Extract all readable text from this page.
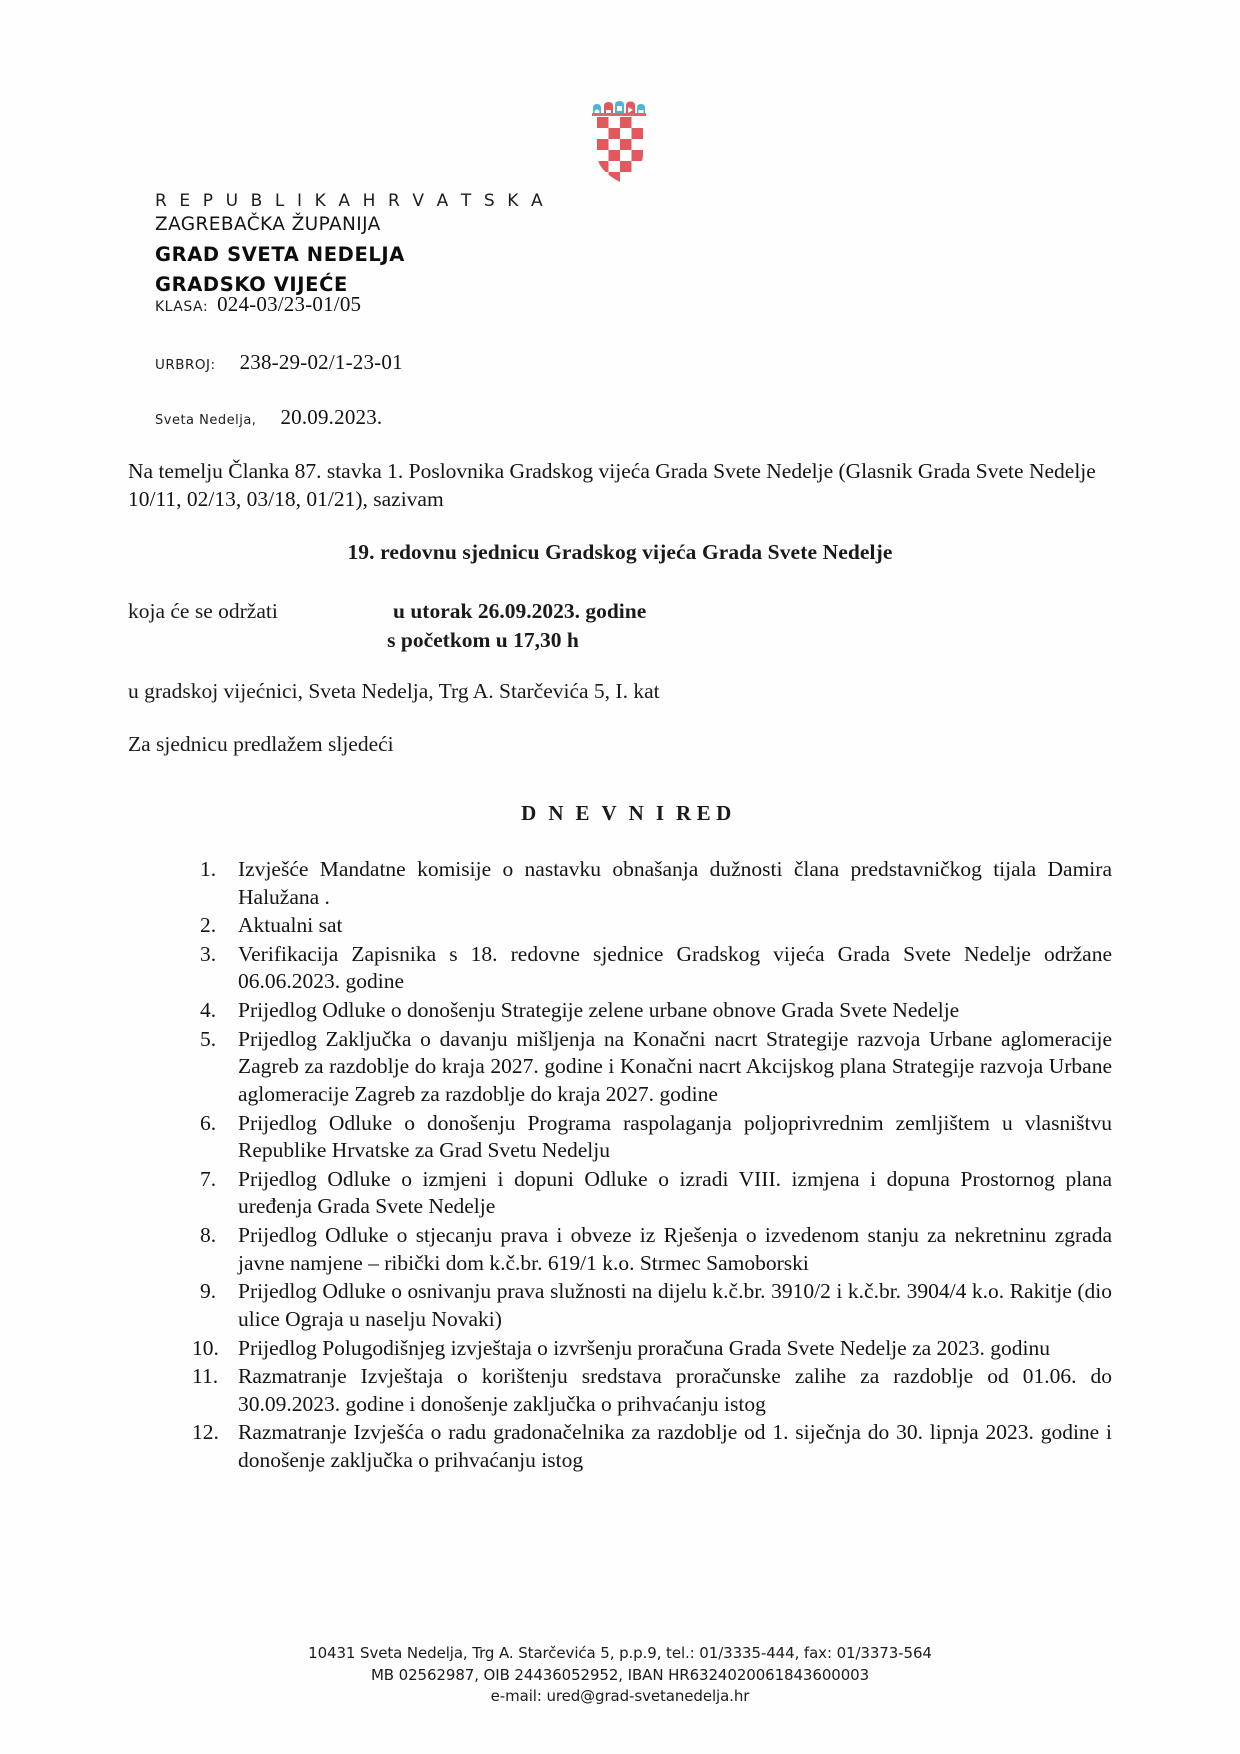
R E P U B L I K A H R V A T S K A
ZAGREBAČKA ŽUPANIJA
GRAD SVETA NEDELJA
GRADSKO VIJEĆE
KLASA: 024-03/23-01/05
URBROJ: 238-29-02/1-23-01
Sveta Nedelja, 20.09.2023.

Na temelju Članka 87. stavka 1. Poslovnika Gradskog vijeća Grada Svete Nedelje (Glasnik Grada Svete Nedelje 10/11, 02/13, 03/18, 01/21), sazivam

19. redovnu sjednicu Gradskog vijeća Grada Svete Nedelje
koja će se održati	u utorak 26.09.2023. godine
s početkom u 17,30 h
u gradskoj vijećnici, Sveta Nedelja, Trg A. Starčevića 5, I. kat
Za sjednicu predlažem sljedeći
DNEVNIRED
Izvješće Mandatne komisije o nastavku obnašanja dužnosti člana predstavničkog tijala Damira Halužana .
Aktualni sat
Verifikacija Zapisnika s 18. redovne sjednice Gradskog vijeća Grada Svete Nedelje održane 06.06.2023. godine
Prijedlog Odluke o donošenju Strategije zelene urbane obnove Grada Svete Nedelje
Prijedlog Zaključka o davanju mišljenja na Konačni nacrt Strategije razvoja Urbane aglomeracije Zagreb za razdoblje do kraja 2027. godine i Konačni nacrt Akcijskog plana Strategije razvoja Urbane aglomeracije Zagreb za razdoblje do kraja 2027. godine
Prijedlog Odluke o donošenju Programa raspolaganja poljoprivrednim zemljištem u vlasništvu Republike Hrvatske za Grad Svetu Nedelju
Prijedlog Odluke o izmjeni i dopuni Odluke o izradi VIII. izmjena i dopuna Prostornog plana uređenja Grada Svete Nedelje
Prijedlog Odluke o stjecanju prava i obveze iz Rješenja o izvedenom stanju za nekretninu zgrada javne namjene – ribički dom k.č.br. 619/1 k.o. Strmec Samoborski
Prijedlog Odluke o osnivanju prava služnosti na dijelu k.č.br. 3910/2 i k.č.br. 3904/4 k.o. Rakitje (dio ulice Ograja u naselju Novaki)
Prijedlog Polugodišnjeg izvještaja o izvršenju proračuna Grada Svete Nedelje za 2023. godinu
Razmatranje Izvještaja o korištenju sredstava proračunske zalihe za razdoblje od 01.06. do 30.09.2023. godine i donošenje zaključka o prihvaćanju istog
Razmatranje Izvješća o radu gradonačelnika za razdoblje od 1. siječnja do 30. lipnja 2023. godine i donošenje zaključka o prihvaćanju istog
10431 Sveta Nedelja, Trg A. Starčevića 5, p.p.9, tel.: 01/3335-444, fax: 01/3373-564
MB 02562987, OIB 24436052952, IBAN HR6324020061843600003
e-mail: ured@grad-svetanedelja.hr
